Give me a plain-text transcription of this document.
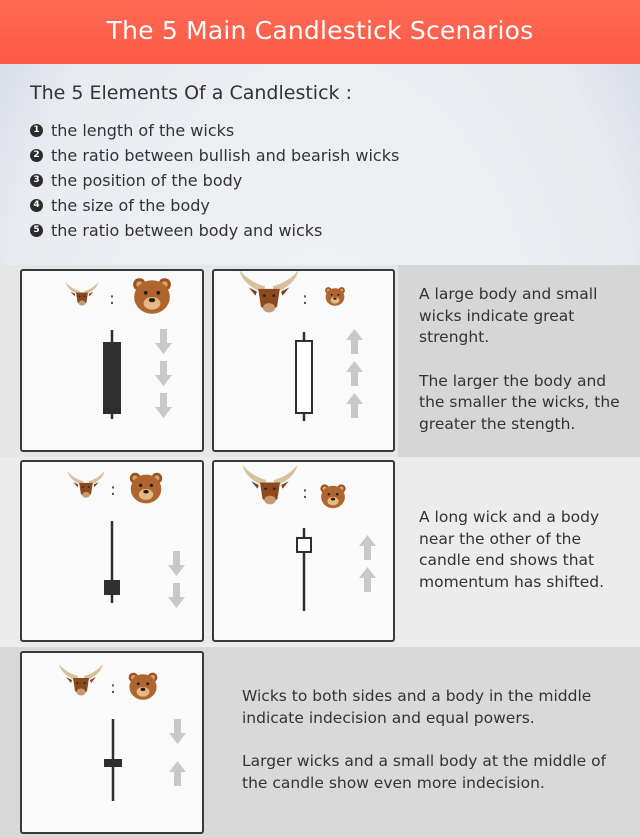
The 5 Main Candlestick Scenarios
The 5 Elements Of a Candlestick :
1 the length of the wicks
2 the ratio between bullish and bearish wicks
3 the position of the body
4 the size of the body
5 the ratio between body and wicks
:	:	A large body and small

wicks indicate great

strenght.

The larger the body and

the smaller the wicks, the

greater the stength.

:	:

A long wick and a body

near the other of the

candle end shows that

momentum has shifted.

:	Wicks to both sides and a body in the middle

indicate indecision and equal powers.

Larger wicks and a small body at the middle of

the candle show even more indecision.
